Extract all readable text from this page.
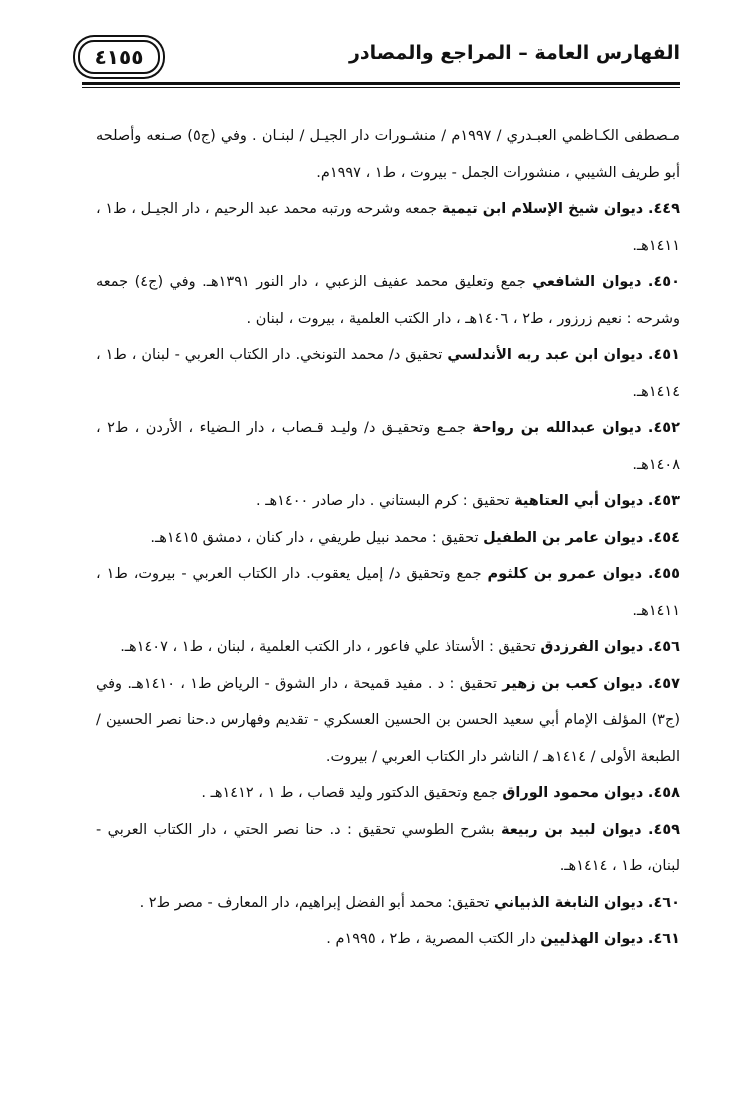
الفهارس العامة – المراجع والمصادر
٤١٥٥

مـصطفى الكـاظمي العبـدري / ١٩٩٧م / منشـورات دار الجيـل / لبنـان . وفي (ج٥) صـنعه وأصلحه أبو طريف الشيبي ، منشورات الجمل - بيروت ، ط١ ، ١٩٩٧م.

٤٤٩. ديوان شيخ الإسلام ابن تيمية جمعه وشرحه ورتبه محمد عبد الرحيم ، دار الجيـل ، ط١ ، ١٤١١هـ.

٤٥٠. ديوان الشافعي جمع وتعليق محمد عفيف الزعبي ، دار النور ١٣٩١هـ. وفي (ج٤) جمعه وشرحه : نعيم زرزور ، ط٢ ، ١٤٠٦هـ ، دار الكتب العلمية ، بيروت ، لبنان .

٤٥١. ديوان ابن عبد ربه الأندلسي تحقيق د/ محمد التونخي. دار الكتاب العربي - لبنان ، ط١ ، ١٤١٤هـ.

٤٥٢. ديوان عبدالله بن رواحة جمـع وتحقيـق د/ وليـد قـصاب ، دار الـضياء ، الأردن ، ط٢ ، ١٤٠٨هـ.

٤٥٣. ديوان أبي العتاهية تحقيق : كرم البستاني . دار صادر ١٤٠٠هـ .

٤٥٤. ديوان عامر بن الطفيل تحقيق : محمد نبيل طريفي ، دار كنان ، دمشق ١٤١٥هـ.

٤٥٥. ديوان عمرو بن كلثوم جمع وتحقيق د/ إميل يعقوب. دار الكتاب العربي - بيروت، ط١ ، ١٤١١هـ.

٤٥٦. ديوان الفرزدق تحقيق : الأستاذ علي فاعور ، دار الكتب العلمية ، لبنان ، ط١ ، ١٤٠٧هـ.

٤٥٧. ديوان كعب بن زهير تحقيق : د . مفيد قميحة ، دار الشوق - الرياض ط١ ، ١٤١٠هـ. وفي (ج٣) المؤلف الإمام أبي سعيد الحسن بن الحسين العسكري - تقديم وفهارس د.حنا نصر الحسين / الطبعة الأولى / ١٤١٤هـ / الناشر دار الكتاب العربي / بيروت.

٤٥٨. ديوان محمود الوراق جمع وتحقيق الدكتور وليد قصاب ، ط ١ ، ١٤١٢هـ .

٤٥٩. ديوان لبيد بن ربيعة بشرح الطوسي تحقيق : د. حنا نصر الحتي ، دار الكتاب العربي - لبنان، ط١ ، ١٤١٤هـ.

٤٦٠. ديوان النابغة الذبياني تحقيق: محمد أبو الفضل إبراهيم، دار المعارف - مصر ط٢ .

٤٦١. ديوان الهذليين دار الكتب المصرية ، ط٢ ، ١٩٩٥م .
